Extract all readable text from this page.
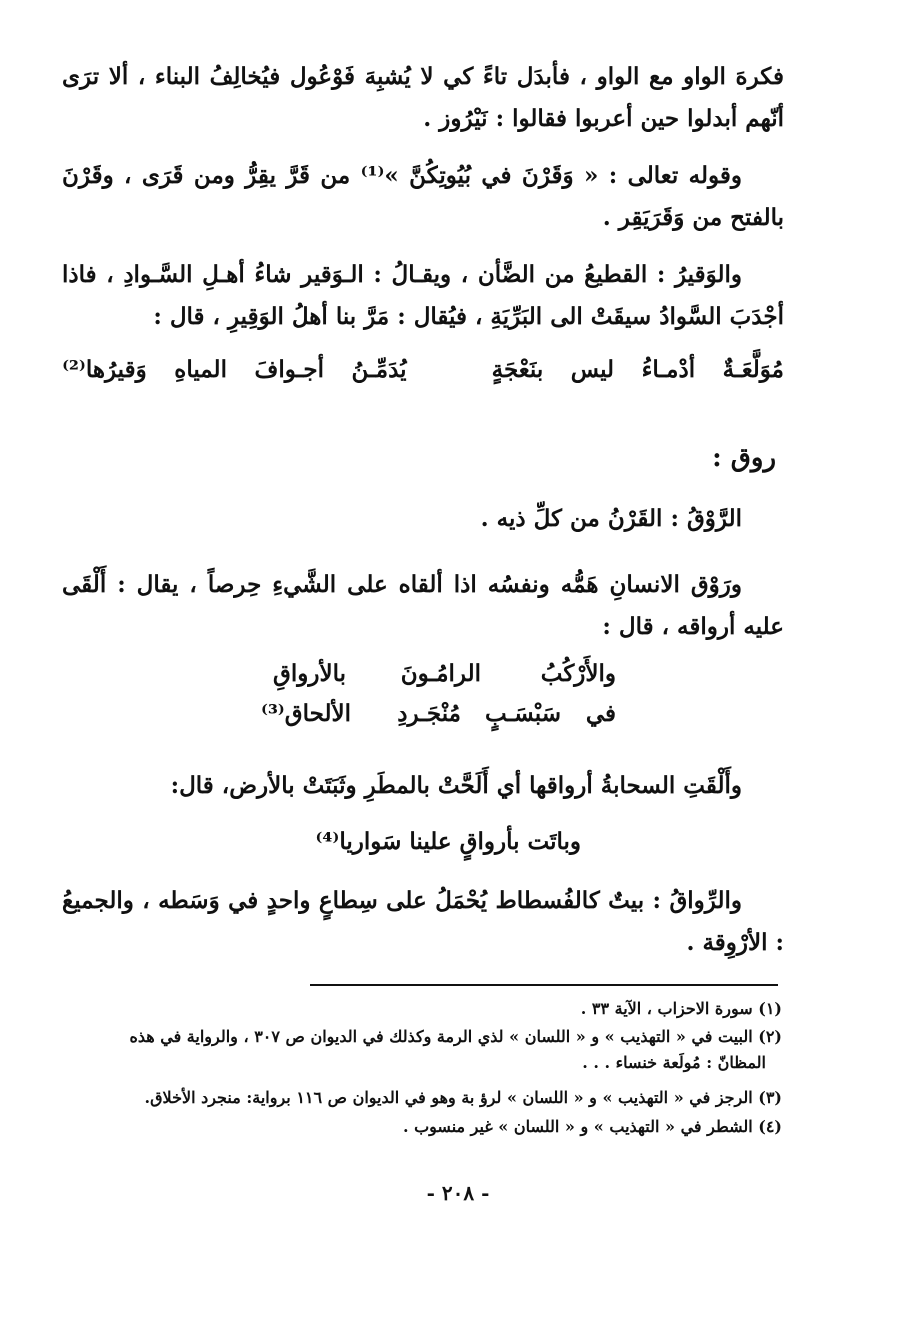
فكرهَ الواو مع الواو ، فأبدَل تاءً كي لا يُشبِهَ فَوْعُول فيُخالِفُ البناء ، ألا ترَى أنّهم أبدلوا حين أعربوا فقالوا : نَيْرُوز .

وقوله تعالى : « وَقَرْنَ في بُيُوتِكُنَّ »⁽¹⁾ من قَرَّ يقِرُّ ومن قَرَى ، وقَرْنَ بالفتح من وَقَرَيَقِر .

والوَقيرُ : القطيعُ من الضَّأن ، ويقـالُ : الـوَقير شاءُ أهـلِ السَّـوادِ ، فاذا أجْدَبَ السَّوادُ سيقَتْ الى البَرِّيَةِ ، فيُقال : مَرَّ بنا أهلُ الوَقِيرِ ، قال :

مُوَلَّعَـةٌ
أدْمـاءُ
ليس
بنَعْجَةٍ
يُدَمِّـنُ
أجـوافَ
المياهِ
وَقيرُها⁽²⁾
روق :

الرَّوْقُ : القَرْنُ من كلِّ ذيه .

ورَوْق الانسانِ هَمُّه ونفسُه اذا ألقاه على الشَّيءِ حِرصاً ، يقال : أَلْقَى عليه أرواقه ، قال :

والأَرْكُبُ
الرامُـونَ
بالأرواقِ
في
سَبْسَـبٍ
مُنْجَـردِ
الألحاق⁽³⁾

وأَلْقَتِ السحابةُ أرواقها أي أَلَحَّتْ بالمطَرِ وثَبَتَتْ بالأرض، قال:

وباتَت بأرواقٍ علينا سَواريا⁽⁴⁾

والرِّواقُ : بيتٌ كالفُسطاط يُحْمَلُ على سِطاعٍ واحدٍ في وَسَطه ، والجميعُ : الأرْوِقة .

(١) سورة الاحزاب ، الآية ٣٣ .
(٢) البيت في « التهذيب » و « اللسان » لذي الرمة وكذلك في الديوان ص ٣٠٧ ، والرواية في هذه
المظانّ : مُولَعة خنساء . . .
(٣) الرجز في « التهذيب » و « اللسان » لرؤ بة وهو في الديوان ص ١١٦ برواية: منجرد الأخلاق.
(٤) الشطر في « التهذيب » و « اللسان » غير منسوب .
- ٢٠٨ -
